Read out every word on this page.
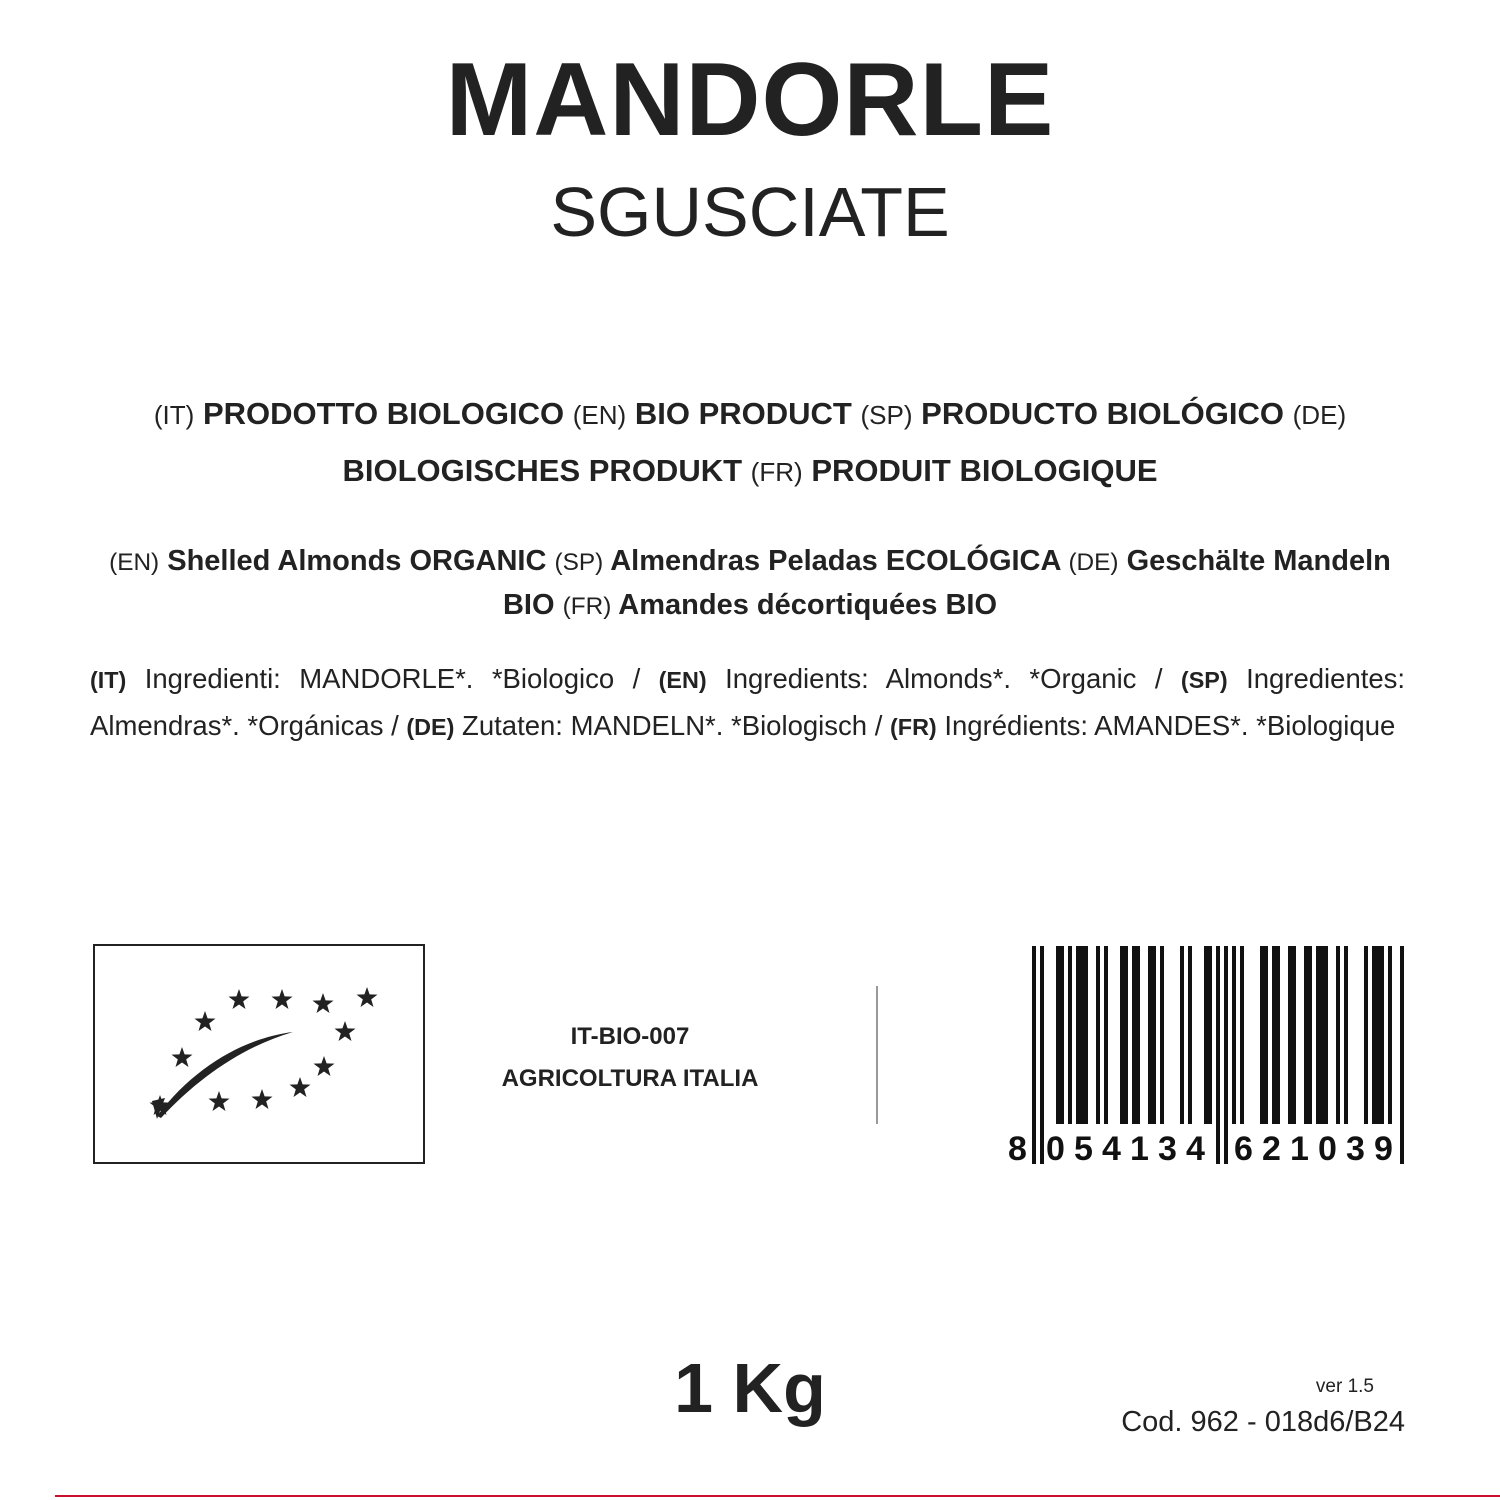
MANDORLE
SGUSCIATE
(IT) PRODOTTO BIOLOGICO (EN) BIO PRODUCT (SP) PRODUCTO BIOLÓGICO (DE)
BIOLOGISCHES PRODUKT (FR) PRODUIT BIOLOGIQUE
(EN) Shelled Almonds ORGANIC (SP) Almendras Peladas ECOLÓGICA (DE) Geschälte Mandeln BIO (FR) Amandes décortiquées BIO
(IT) Ingredienti: MANDORLE*. *Biologico / (EN) Ingredients: Almonds*. *Organic / (SP) Ingredientes: Almendras*. *Orgánicas / (DE) Zutaten: MANDELN*. *Biologisch / (FR) Ingrédients: AMANDES*. *Biologique
IT-BIO-007
AGRICOLTURA ITALIA
8 0 5 4 1 3 4 6 2 1 0 3 9
1 Kg	ver 1.5
Cod. 962 - 018d6/B24
